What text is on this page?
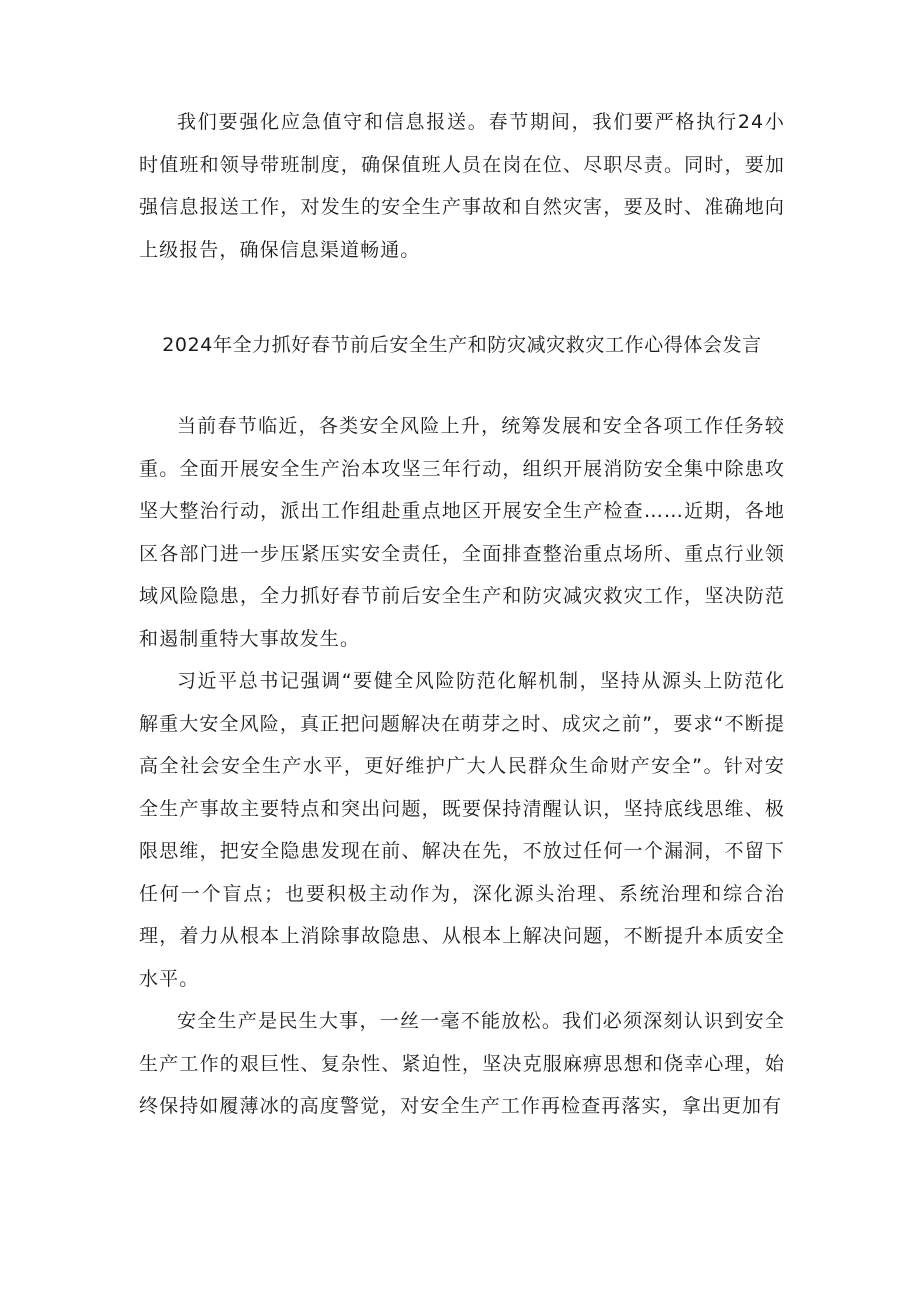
我们要强化应急值守和信息报送。春节期间，我们要严格执行24小时值班和领导带班制度，确保值班人员在岗在位、尽职尽责。同时，要加强信息报送工作，对发生的安全生产事故和自然灾害，要及时、准确地向上级报告，确保信息渠道畅通。

2024年全力抓好春节前后安全生产和防灾减灾救灾工作心得体会发言

当前春节临近，各类安全风险上升，统筹发展和安全各项工作任务较重。全面开展安全生产治本攻坚三年行动，组织开展消防安全集中除患攻坚大整治行动，派出工作组赴重点地区开展安全生产检查……近期，各地区各部门进一步压紧压实安全责任，全面排查整治重点场所、重点行业领域风险隐患，全力抓好春节前后安全生产和防灾减灾救灾工作，坚决防范和遏制重特大事故发生。

习近平总书记强调“要健全风险防范化解机制，坚持从源头上防范化解重大安全风险，真正把问题解决在萌芽之时、成灾之前”，要求“不断提高全社会安全生产水平，更好维护广大人民群众生命财产安全”。针对安全生产事故主要特点和突出问题，既要保持清醒认识，坚持底线思维、极限思维，把安全隐患发现在前、解决在先，不放过任何一个漏洞，不留下任何一个盲点；也要积极主动作为，深化源头治理、系统治理和综合治理，着力从根本上消除事故隐患、从根本上解决问题，不断提升本质安全水平。

安全生产是民生大事，一丝一毫不能放松。我们必须深刻认识到安全生产工作的艰巨性、复杂性、紧迫性，坚决克服麻痹思想和侥幸心理，始终保持如履薄冰的高度警觉，对安全生产工作再检查再落实，拿出更加有
